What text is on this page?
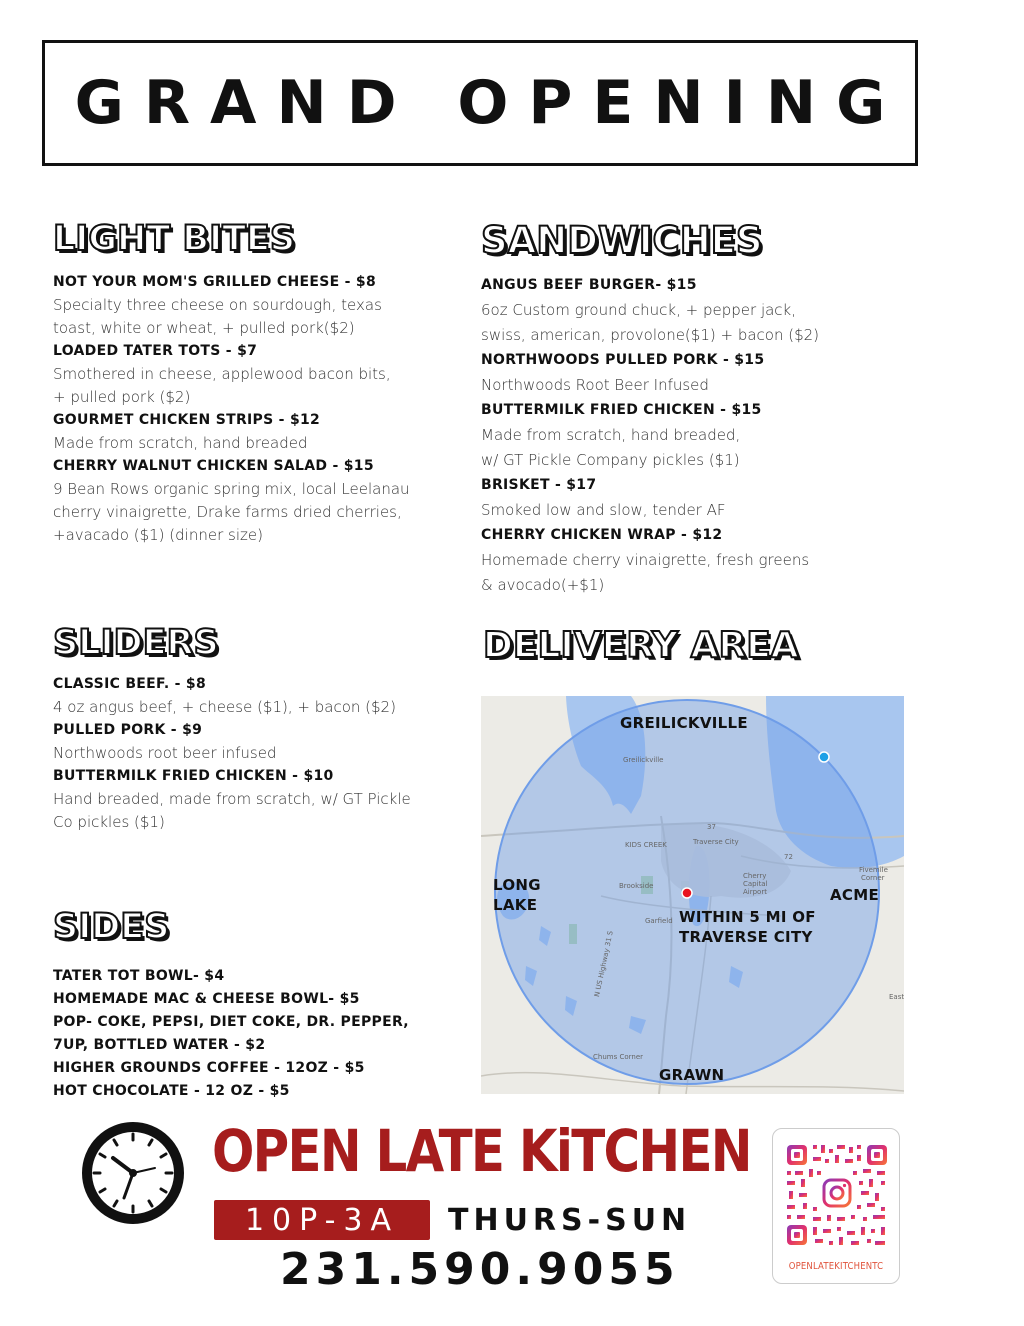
GRAND OPENING
LIGHT BITES
NOT YOUR MOM'S GRILLED CHEESE - $8
Specialty three cheese on sourdough, texas
toast, white or wheat, + pulled pork($2)
LOADED TATER TOTS - $7
Smothered in cheese, applewood bacon bits,
+ pulled pork ($2)
GOURMET CHICKEN STRIPS - $12
Made from scratch, hand breaded
CHERRY WALNUT CHICKEN SALAD - $15
9 Bean Rows organic spring mix, local Leelanau
cherry vinaigrette, Drake farms dried cherries,
+avacado ($1) (dinner size)
SANDWICHES
ANGUS BEEF BURGER- $15
6oz Custom ground chuck, + pepper jack,
swiss, american, provolone($1) + bacon ($2)
NORTHWOODS PULLED PORK - $15
Northwoods Root Beer Infused
BUTTERMILK FRIED CHICKEN - $15
Made from scratch, hand breaded,
w/ GT Pickle Company pickles ($1)
BRISKET - $17
Smoked low and slow, tender AF
CHERRY CHICKEN WRAP - $12
Homemade cherry vinaigrette, fresh greens
& avocado(+$1)
SLIDERS
CLASSIC BEEF. - $8
4 oz angus beef, + cheese ($1), + bacon ($2)
PULLED PORK - $9
Northwoods root beer infused
BUTTERMILK FRIED CHICKEN - $10
Hand breaded, made from scratch, w/ GT Pickle
Co pickles ($1)
SIDES
TATER TOT BOWL- $4
HOMEMADE MAC & CHEESE BOWL- $5
POP- COKE, PEPSI, DIET COKE, DR. PEPPER,
7UP, BOTTLED WATER - $2
HIGHER GROUNDS COFFEE - 12OZ - $5
HOT CHOCOLATE - 12 OZ - $5
DELIVERY AREA
Greilickville
Traverse City
KIDS CREEK
Brookside
Cherry
Capital
Airport
Garfield
Fivemile
Corner
Chums Corner
East
N US Highway 31 S
37
72
GREILICKVILLE
LONG
LAKE
ACME
WITHIN 5 MI OF
TRAVERSE CITY
GRAWN
OPEN LATE KiTCHEN
10P-3A	THURS-SUN
231.590.9055	OPENLATEKITCHENTC
